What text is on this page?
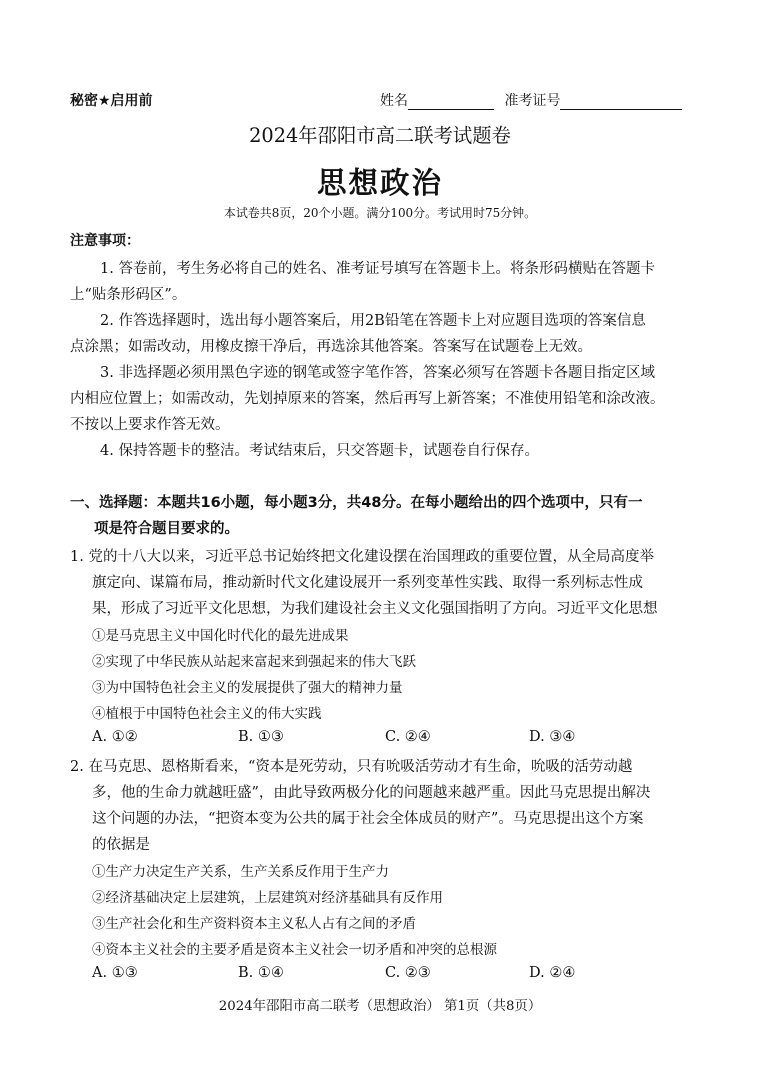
秘密★启用前	姓名	准考证号
2024年邵阳市高二联考试题卷
思想政治
本试卷共8页，20个小题。满分100分。考试用时75分钟。
注意事项：
1. 答卷前，考生务必将自己的姓名、准考证号填写在答题卡上。将条形码横贴在答题卡
上“贴条形码区”。
2. 作答选择题时，选出每小题答案后，用2B铅笔在答题卡上对应题目选项的答案信息
点涂黑；如需改动，用橡皮擦干净后，再选涂其他答案。答案写在试题卷上无效。
3. 非选择题必须用黑色字迹的钢笔或签字笔作答，答案必须写在答题卡各题目指定区域
内相应位置上；如需改动，先划掉原来的答案，然后再写上新答案；不准使用铅笔和涂改液。
不按以上要求作答无效。
4. 保持答题卡的整洁。考试结束后，只交答题卡，试题卷自行保存。
一、选择题：本题共16小题，每小题3分，共48分。在每小题给出的四个选项中，只有一
项是符合题目要求的。
1. 党的十八大以来，习近平总书记始终把文化建设摆在治国理政的重要位置，从全局高度举
旗定向、谋篇布局，推动新时代文化建设展开一系列变革性实践、取得一系列标志性成
果，形成了习近平文化思想，为我们建设社会主义文化强国指明了方向。习近平文化思想
①是马克思主义中国化时代化的最先进成果
②实现了中华民族从站起来富起来到强起来的伟大飞跃
③为中国特色社会主义的发展提供了强大的精神力量
④植根于中国特色社会主义的伟大实践
A. ①②	B. ①③	C. ②④	D. ③④
2. 在马克思、恩格斯看来，“资本是死劳动，只有吮吸活劳动才有生命，吮吸的活劳动越
多，他的生命力就越旺盛”，由此导致两极分化的问题越来越严重。因此马克思提出解决
这个问题的办法，“把资本变为公共的属于社会全体成员的财产”。马克思提出这个方案
的依据是
①生产力决定生产关系，生产关系反作用于生产力
②经济基础决定上层建筑，上层建筑对经济基础具有反作用
③生产社会化和生产资料资本主义私人占有之间的矛盾
④资本主义社会的主要矛盾是资本主义社会一切矛盾和冲突的总根源
A. ①③	B. ①④	C. ②③	D. ②④
2024年邵阳市高二联考（思想政治） 第1页（共8页）
